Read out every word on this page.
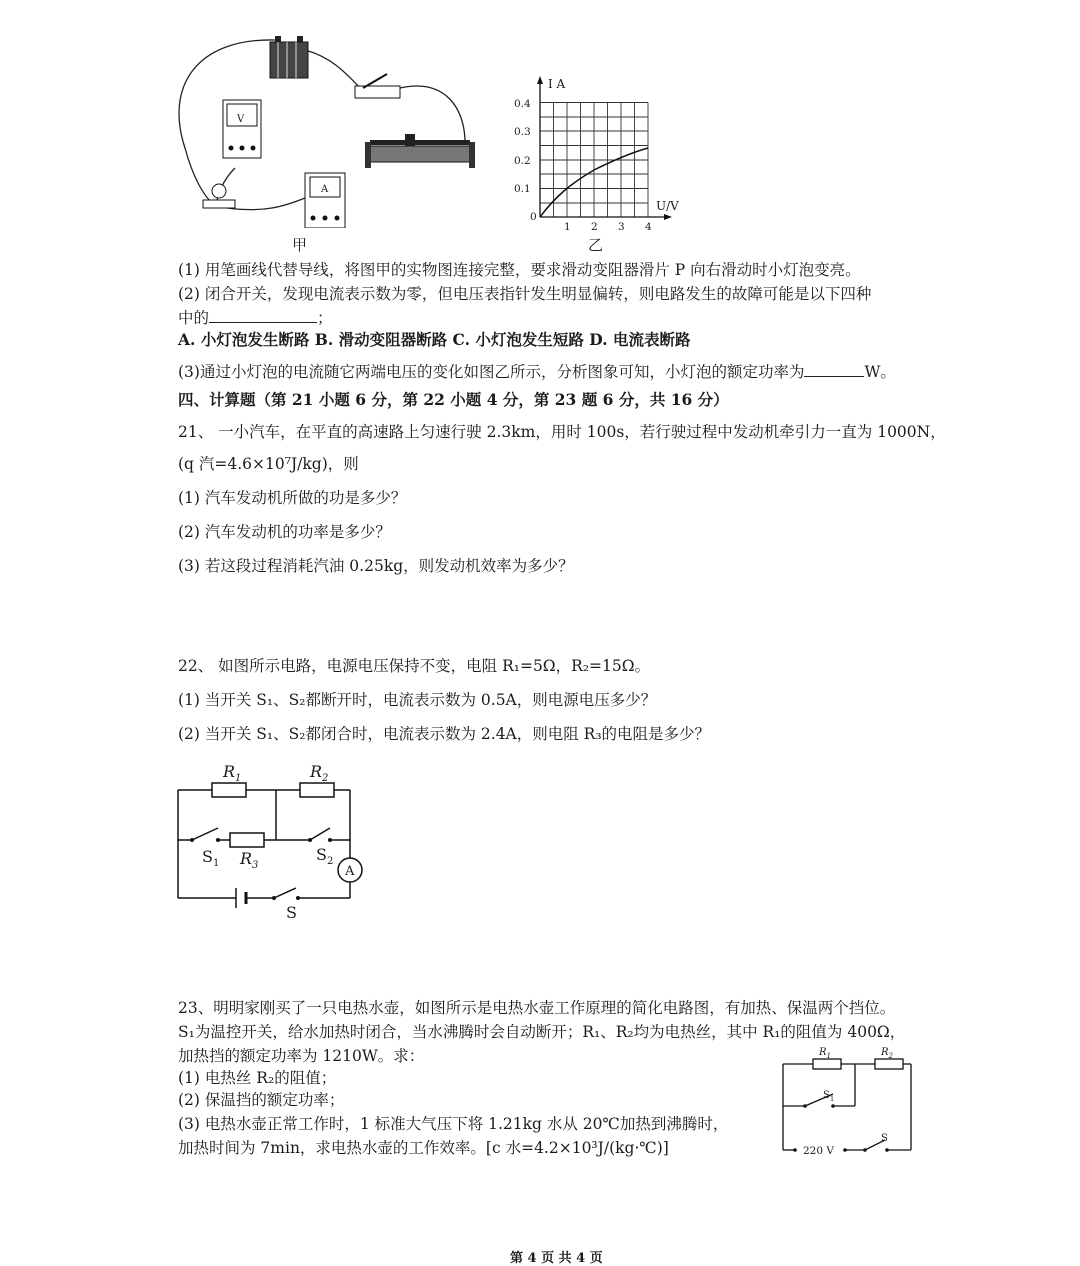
V
A
甲
I A
U/V
0.4
0.3
0.2
0.1
0
1 2 3 4
乙
(1) 用笔画线代替导线，将图甲的实物图连接完整，要求滑动变阻器滑片 P 向右滑动时小灯泡变亮。
(2) 闭合开关，发现电流表示数为零，但电压表指针发生明显偏转，则电路发生的故障可能是以下四种
中的	；
A. 小灯泡发生断路 B. 滑动变阻器断路 C. 小灯泡发生短路 D. 电流表断路
(3)通过小灯泡的电流随它两端电压的变化如图乙所示，分析图象可知，小灯泡的额定功率为	W。
四、计算题（第 21 小题 6 分，第 22 小题 4 分，第 23 题 6 分，共 16 分）
21、 一小汽车，在平直的高速路上匀速行驶 2.3km，用时 100s，若行驶过程中发动机牵引力一直为 1000N，
(q 汽=4.6×10⁷J/kg)，则
(1) 汽车发动机所做的功是多少？
(2) 汽车发动机的功率是多少？
(3) 若这段过程消耗汽油 0.25kg，则发动机效率为多少？
22、 如图所示电路，电源电压保持不变，电阻 R₁=5Ω，R₂=15Ω。
(1) 当开关 S₁、S₂都断开时，电流表示数为 0.5A，则电源电压多少？
(2) 当开关 S₁、S₂都闭合时，电流表示数为 2.4A，则电阻 R₃的电阻是多少？
A
$R_1$	$R_2$
$R_3$
$S_1$	$S_2$
S
23、明明家刚买了一只电热水壶，如图所示是电热水壶工作原理的简化电路图，有加热、保温两个挡位。
S₁为温控开关，给水加热时闭合，当水沸腾时会自动断开；R₁、R₂均为电热丝，其中 R₁的阻值为 400Ω，
加热挡的额定功率为 1210W。求：
(1) 电热丝 R₂的阻值；
(2) 保温挡的额定功率；
(3) 电热水壶正常工作时，1 标准大气压下将 1.21kg 水从 20℃加热到沸腾时，
加热时间为 7min，求电热水壶的工作效率。[c 水=4.2×10³J/(kg·℃)]
$R_1$	$R_2$
$S_1$
220 V
S
第 4 页 共 4 页
